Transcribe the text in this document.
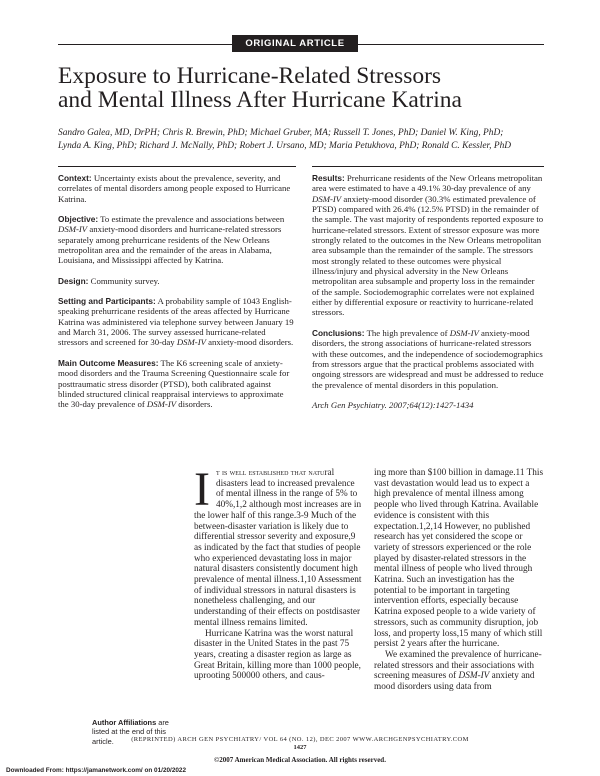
ORIGINAL ARTICLE
Exposure to Hurricane-Related Stressors
and Mental Illness After Hurricane Katrina
Sandro Galea, MD, DrPH; Chris R. Brewin, PhD; Michael Gruber, MA; Russell T. Jones, PhD; Daniel W. King, PhD;
Lynda A. King, PhD; Richard J. McNally, PhD; Robert J. Ursano, MD; Maria Petukhova, PhD; Ronald C. Kessler, PhD

Context: Uncertainty exists about the prevalence, severity, and correlates of mental disorders among people exposed to Hurricane Katrina.

Objective: To estimate the prevalence and associations between DSM-IV anxiety-mood disorders and hurricane-related stressors separately among prehurricane residents of the New Orleans metropolitan area and the remainder of the areas in Alabama, Louisiana, and Mississippi affected by Katrina.

Design: Community survey.

Setting and Participants: A probability sample of 1043 English-speaking prehurricane residents of the areas affected by Hurricane Katrina was administered via telephone survey between January 19 and March 31, 2006. The survey assessed hurricane-related stressors and screened for 30-day DSM-IV anxiety-mood disorders.

Main Outcome Measures: The K6 screening scale of anxiety-mood disorders and the Trauma Screening Questionnaire scale for posttraumatic stress disorder (PTSD), both calibrated against blinded structured clinical reappraisal interviews to approximate the 30-day prevalence of DSM-IV disorders.

Results: Prehurricane residents of the New Orleans metropolitan area were estimated to have a 49.1% 30-day prevalence of any DSM-IV anxiety-mood disorder (30.3% estimated prevalence of PTSD) compared with 26.4% (12.5% PTSD) in the remainder of the sample. The vast majority of respondents reported exposure to hurricane-related stressors. Extent of stressor exposure was more strongly related to the outcomes in the New Orleans metropolitan area subsample than the remainder of the sample. The stressors most strongly related to these outcomes were physical illness/injury and physical adversity in the New Orleans metropolitan area subsample and property loss in the remainder of the sample. Sociodemographic correlates were not explained either by differential exposure or reactivity to hurricane-related stressors.

Conclusions: The high prevalence of DSM-IV anxiety-mood disorders, the strong associations of hurricane-related stressors with these outcomes, and the independence of sociodemographics from stressors argue that the practical problems associated with ongoing stressors are widespread and must be addressed to reduce the prevalence of mental disorders in this population.

Arch Gen Psychiatry. 2007;64(12):1427-1434

It is well established that natural disasters lead to increased prevalence of mental illness in the range of 5% to 40%,1,2 although most increases are in the lower half of this range.3-9 Much of the between-disaster variation is likely due to differential stressor severity and exposure,9 as indicated by the fact that studies of people who experienced devastating loss in major natural disasters consistently document high prevalence of mental illness.1,10 Assessment of individual stressors in natural disasters is nonetheless challenging, and our understanding of their effects on postdisaster mental illness remains limited.

Hurricane Katrina was the worst natural disaster in the United States in the past 75 years, creating a disaster region as large as Great Britain, killing more than 1000 people, uprooting 500000 others, and caus-

ing more than $100 billion in damage.11 This vast devastation would lead us to expect a high prevalence of mental illness among people who lived through Katrina. Available evidence is consistent with this expectation.1,2,14 However, no published research has yet considered the scope or variety of stressors experienced or the role played by disaster-related stressors in the mental illness of people who lived through Katrina. Such an investigation has the potential to be important in targeting intervention efforts, especially because Katrina exposed people to a wide variety of stressors, such as community disruption, job loss, and property loss,15 many of which still persist 2 years after the hurricane.

We examined the prevalence of hurricane-related stressors and their associations with screening measures of DSM-IV anxiety and mood disorders using data from

Author Affiliations are listed at the end of this article.	(REPRINTED) ARCH GEN PSYCHIATRY/ VOL 64 (NO. 12), DEC 2007 WWW.ARCHGENPSYCHIATRY.COM
1427
©2007 American Medical Association. All rights reserved.
Downloaded From: https://jamanetwork.com/ on 01/20/2022
